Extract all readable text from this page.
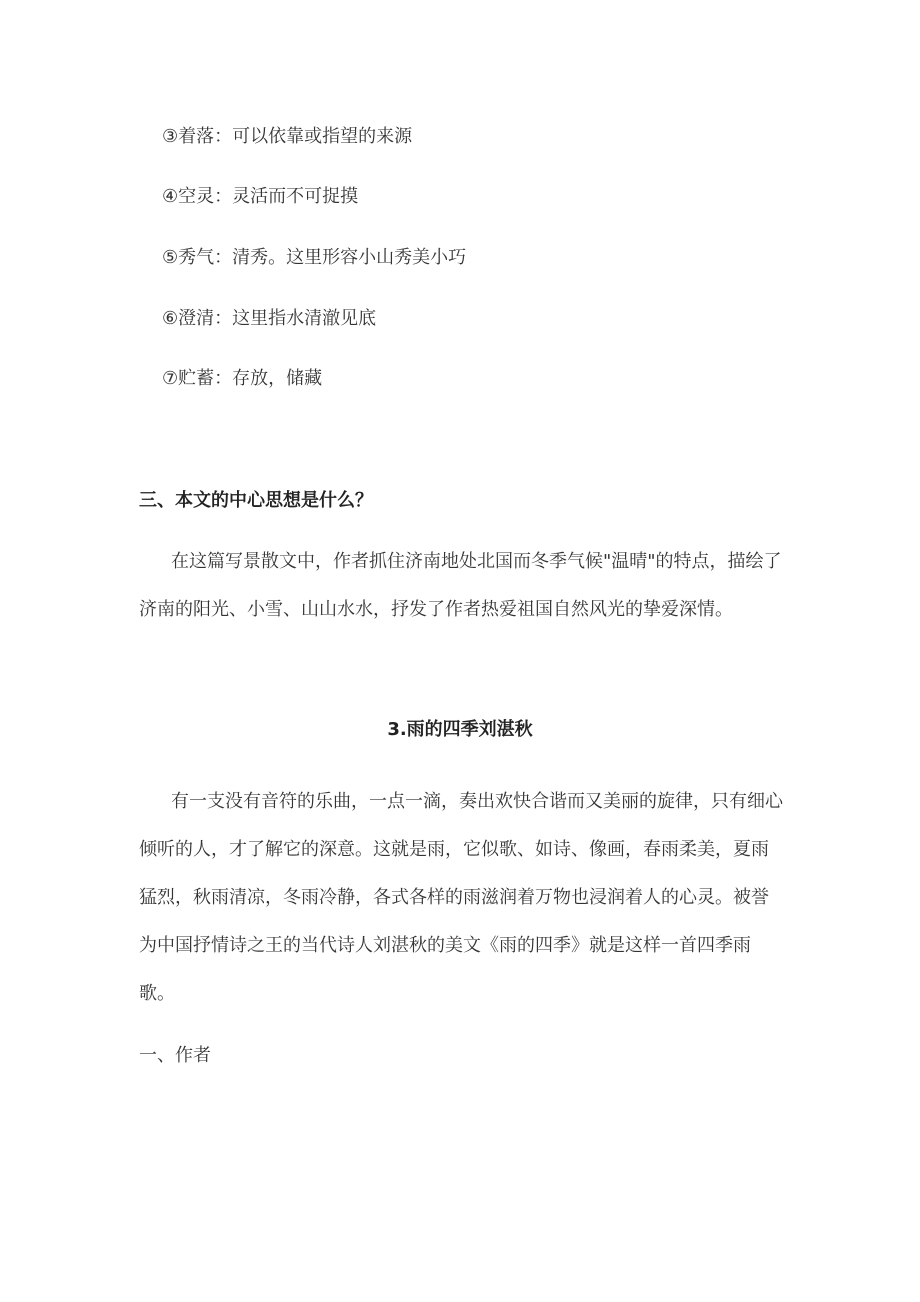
③着落：可以依靠或指望的来源
④空灵：灵活而不可捉摸
⑤秀气：清秀。这里形容小山秀美小巧
⑥澄清：这里指水清澈见底
⑦贮蓄：存放，储藏
三、本文的中心思想是什么？
在这篇写景散文中，作者抓住济南地处北国而冬季气候"温晴"的特点，描绘了济南的阳光、小雪、山山水水，抒发了作者热爱祖国自然风光的挚爱深情。
3.雨的四季刘湛秋
有一支没有音符的乐曲，一点一滴，奏出欢快合谐而又美丽的旋律，只有细心倾听的人，才了解它的深意。这就是雨，它似歌、如诗、像画，春雨柔美，夏雨猛烈，秋雨清凉，冬雨冷静，各式各样的雨滋润着万物也浸润着人的心灵。被誉为中国抒情诗之王的当代诗人刘湛秋的美文《雨的四季》就是这样一首四季雨歌。
一、作者
